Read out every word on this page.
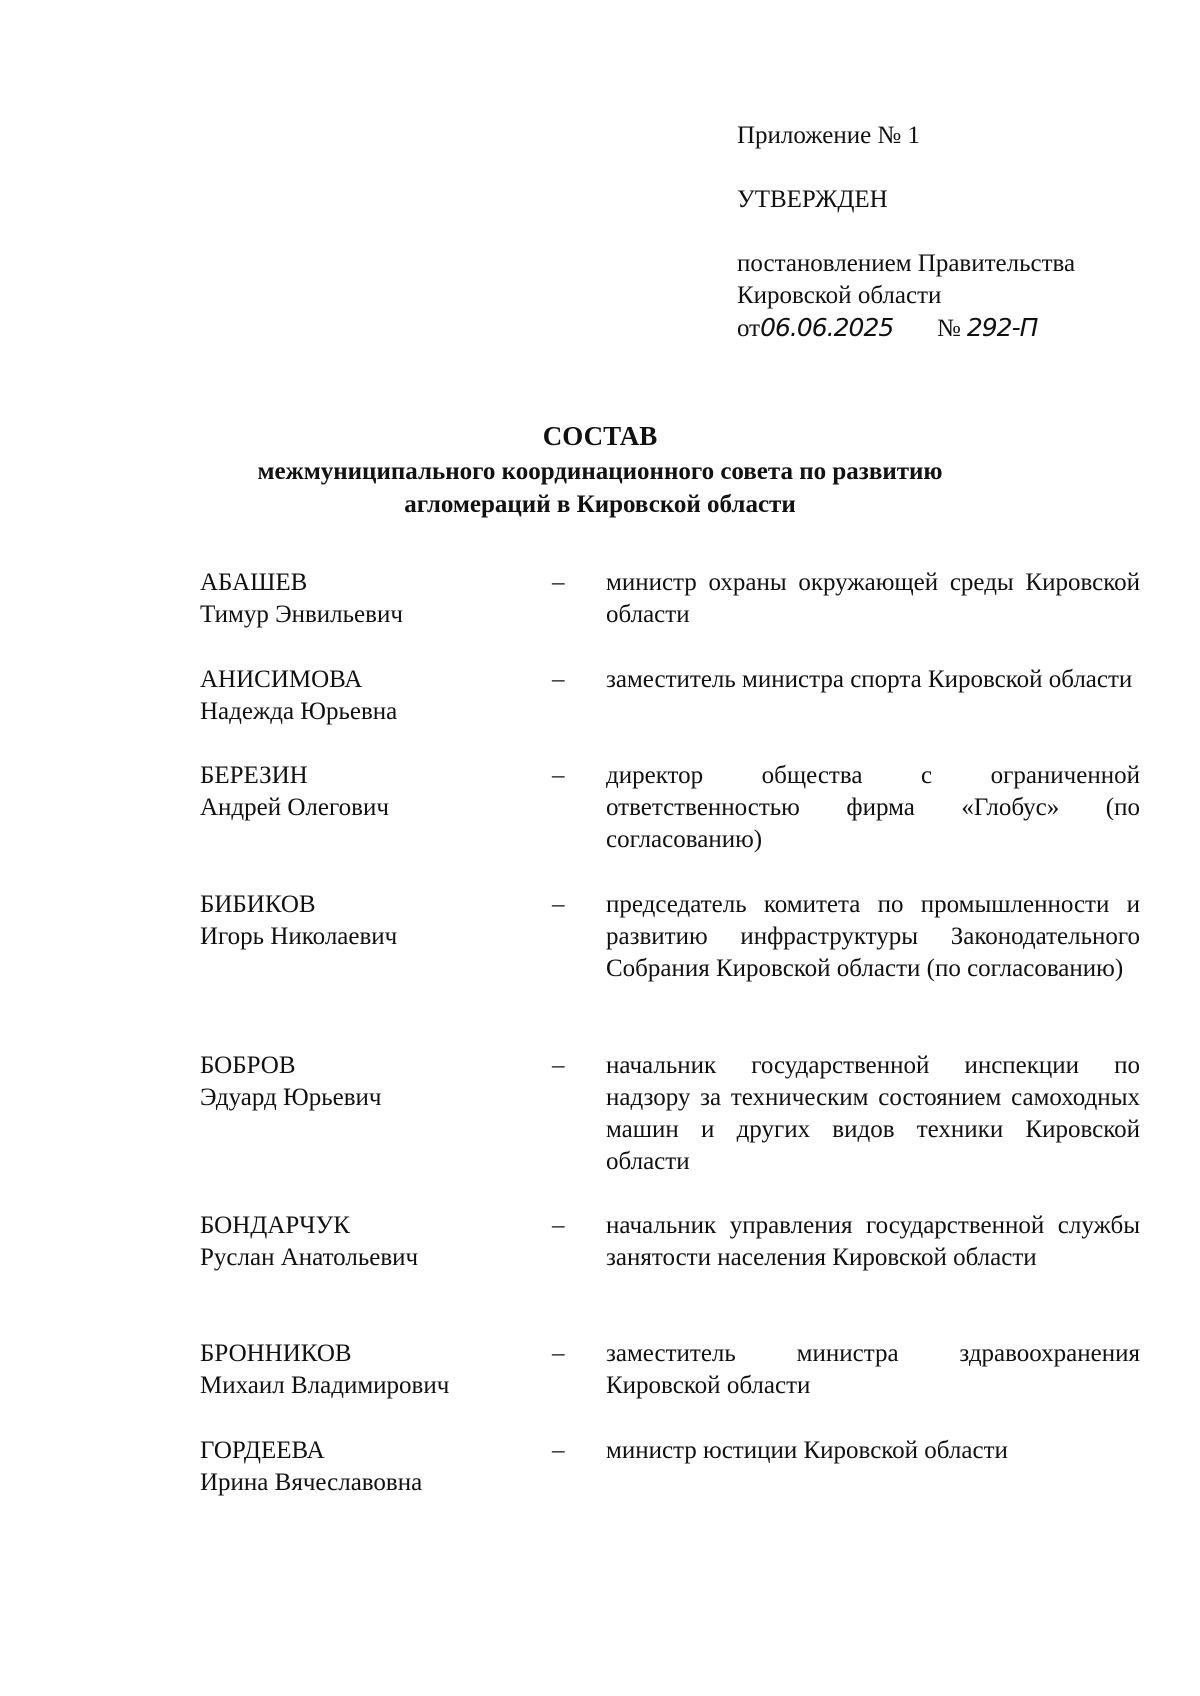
Приложение № 1
УТВЕРЖДЕН
постановлением Правительства
Кировской области
от06.06.2025	№ 292-П
СОСТАВ
межмуниципального координационного совета по развитию
агломераций в Кировской области
АБАШЕВ
Тимур Энвильевич
–	министр охраны окружающей среды Кировской области
АНИСИМОВА
Надежда Юрьевна
–	заместитель министра спорта Кировской области
БЕРЕЗИН
Андрей Олегович
–	директор общества с ограниченной ответственностью фирма «Глобус» (по согласованию)
БИБИКОВ
Игорь Николаевич
–	председатель комитета по промышленности и развитию инфраструктуры Законодательного Собрания Кировской области (по согласованию)
БОБРОВ
Эдуард Юрьевич
–	начальник государственной инспекции по надзору за техническим состоянием самоходных машин и других видов техники Кировской области
БОНДАРЧУК
Руслан Анатольевич
–	начальник управления государственной службы занятости населения Кировской области
БРОННИКОВ
Михаил Владимирович
–	заместитель министра здравоохранения Кировской области
ГОРДЕЕВА
Ирина Вячеславовна
–	министр юстиции Кировской области
